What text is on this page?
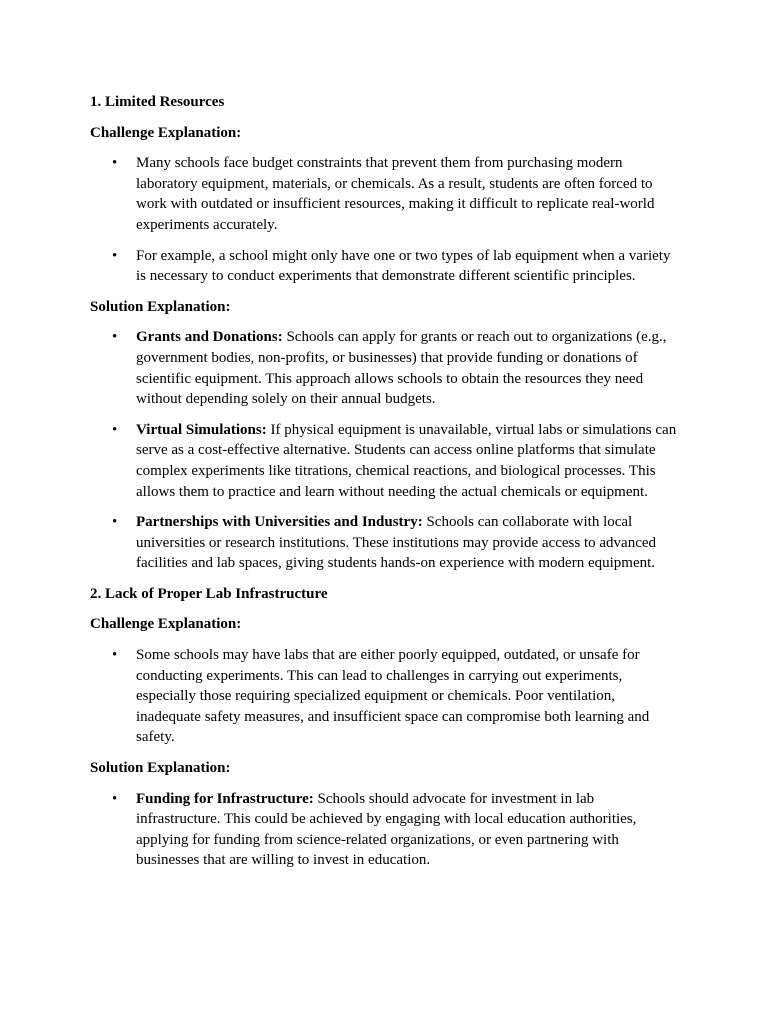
1. Limited Resources
Challenge Explanation:
• Many schools face budget constraints that prevent them from purchasing modern laboratory equipment, materials, or chemicals. As a result, students are often forced to work with outdated or insufficient resources, making it difficult to replicate real-world experiments accurately.
• For example, a school might only have one or two types of lab equipment when a variety is necessary to conduct experiments that demonstrate different scientific principles.
Solution Explanation:
• Grants and Donations: Schools can apply for grants or reach out to organizations (e.g., government bodies, non-profits, or businesses) that provide funding or donations of scientific equipment. This approach allows schools to obtain the resources they need without depending solely on their annual budgets.
• Virtual Simulations: If physical equipment is unavailable, virtual labs or simulations can serve as a cost-effective alternative. Students can access online platforms that simulate complex experiments like titrations, chemical reactions, and biological processes. This allows them to practice and learn without needing the actual chemicals or equipment.
• Partnerships with Universities and Industry: Schools can collaborate with local universities or research institutions. These institutions may provide access to advanced facilities and lab spaces, giving students hands-on experience with modern equipment.
2. Lack of Proper Lab Infrastructure
Challenge Explanation:
• Some schools may have labs that are either poorly equipped, outdated, or unsafe for conducting experiments. This can lead to challenges in carrying out experiments, especially those requiring specialized equipment or chemicals. Poor ventilation, inadequate safety measures, and insufficient space can compromise both learning and safety.
Solution Explanation:
• Funding for Infrastructure: Schools should advocate for investment in lab infrastructure. This could be achieved by engaging with local education authorities, applying for funding from science-related organizations, or even partnering with businesses that are willing to invest in education.
